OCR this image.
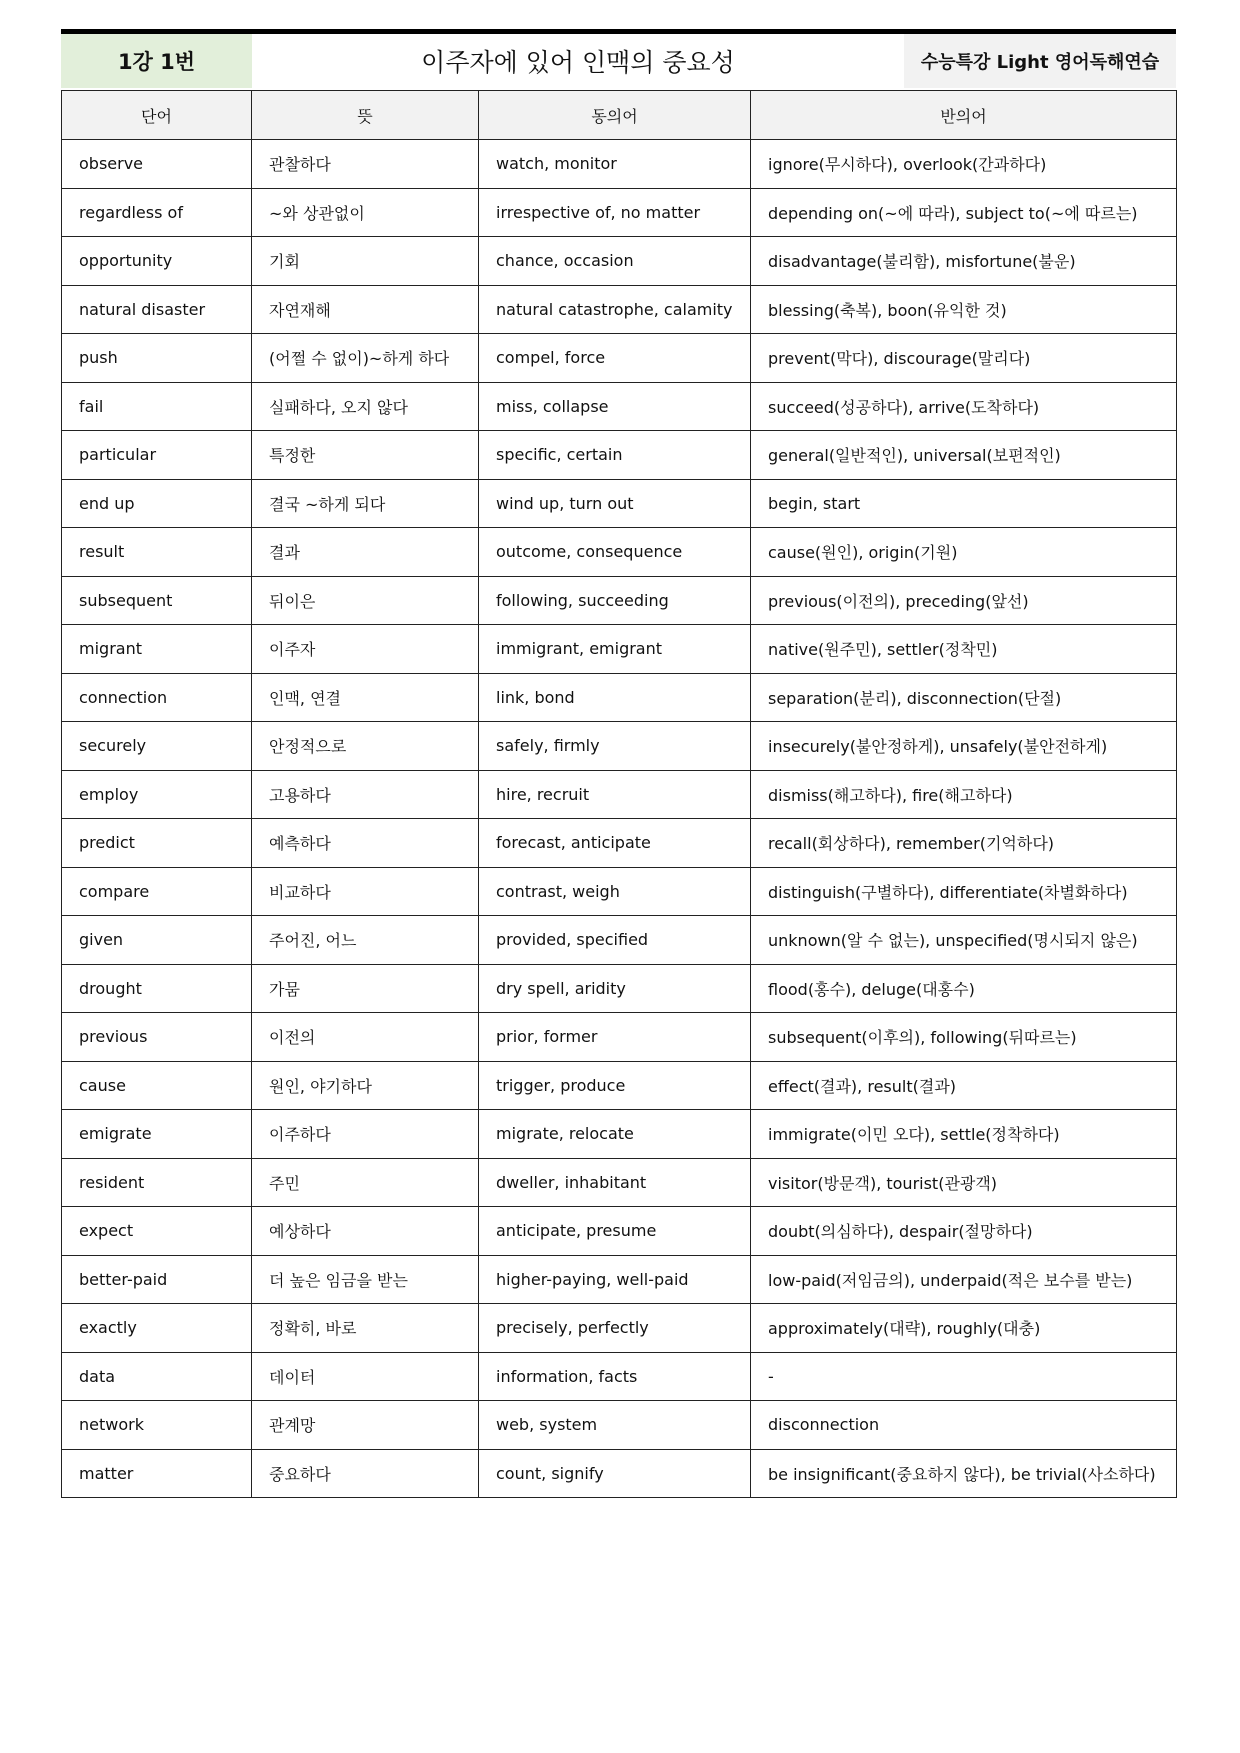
1강 1번	이주자에 있어 인맥의 중요성	수능특강 Light 영어독해연습
단어	뜻	동의어	반의어
observe	관찰하다	watch, monitor	ignore(무시하다), overlook(간과하다)
regardless of	~와 상관없이	irrespective of, no matter	depending on(~에 따라), subject to(~에 따르는)
opportunity	기회	chance, occasion	disadvantage(불리함), misfortune(불운)
natural disaster	자연재해	natural catastrophe, calamity	blessing(축복), boon(유익한 것)
push	(어쩔 수 없이)~하게 하다	compel, force	prevent(막다), discourage(말리다)
fail	실패하다, 오지 않다	miss, collapse	succeed(성공하다), arrive(도착하다)
particular	특정한	specific, certain	general(일반적인), universal(보편적인)
end up	결국 ~하게 되다	wind up, turn out	begin, start
result	결과	outcome, consequence	cause(원인), origin(기원)
subsequent	뒤이은	following, succeeding	previous(이전의), preceding(앞선)
migrant	이주자	immigrant, emigrant	native(원주민), settler(정착민)
connection	인맥, 연결	link, bond	separation(분리), disconnection(단절)
securely	안정적으로	safely, firmly	insecurely(불안정하게), unsafely(불안전하게)
employ	고용하다	hire, recruit	dismiss(해고하다), fire(해고하다)
predict	예측하다	forecast, anticipate	recall(회상하다), remember(기억하다)
compare	비교하다	contrast, weigh	distinguish(구별하다), differentiate(차별화하다)
given	주어진, 어느	provided, specified	unknown(알 수 없는), unspecified(명시되지 않은)
drought	가뭄	dry spell, aridity	flood(홍수), deluge(대홍수)
previous	이전의	prior, former	subsequent(이후의), following(뒤따르는)
cause	원인, 야기하다	trigger, produce	effect(결과), result(결과)
emigrate	이주하다	migrate, relocate	immigrate(이민 오다), settle(정착하다)
resident	주민	dweller, inhabitant	visitor(방문객), tourist(관광객)
expect	예상하다	anticipate, presume	doubt(의심하다), despair(절망하다)
better-paid	더 높은 임금을 받는	higher-paying, well-paid	low-paid(저임금의), underpaid(적은 보수를 받는)
exactly	정확히, 바로	precisely, perfectly	approximately(대략), roughly(대충)
data	데이터	information, facts	-
network	관계망	web, system	disconnection
matter	중요하다	count, signify	be insignificant(중요하지 않다), be trivial(사소하다)
